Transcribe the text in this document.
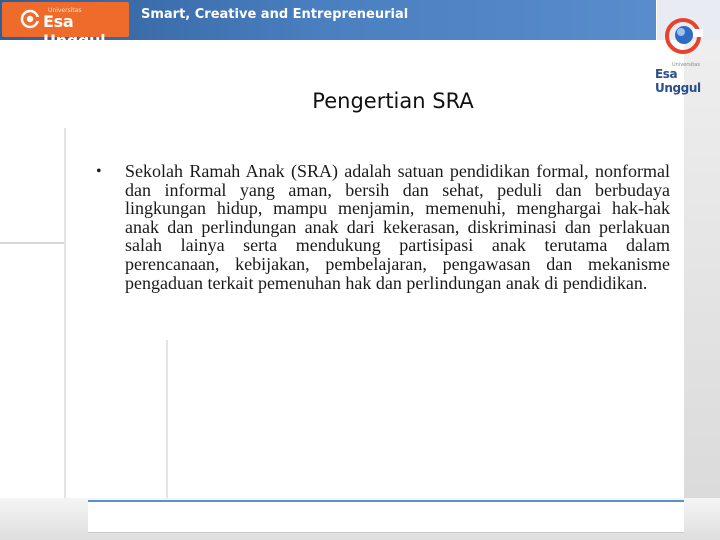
Universitas
Esa Unggul
Smart, Creative and Entrepreneurial
Universitas
Esa Unggul
Pengertian SRA
• Sekolah Ramah Anak (SRA) adalah satuan pendidikan formal, nonformal dan informal yang aman, bersih dan sehat, peduli dan berbudaya lingkungan hidup, mampu menjamin, memenuhi, menghargai hak-hak anak dan perlindungan anak dari kekerasan, diskriminasi dan perlakuan salah lainya serta mendukung partisipasi anak terutama dalam perencanaan, kebijakan, pembelajaran, pengawasan dan mekanisme pengaduan terkait pemenuhan hak dan perlindungan anak di pendidikan.
